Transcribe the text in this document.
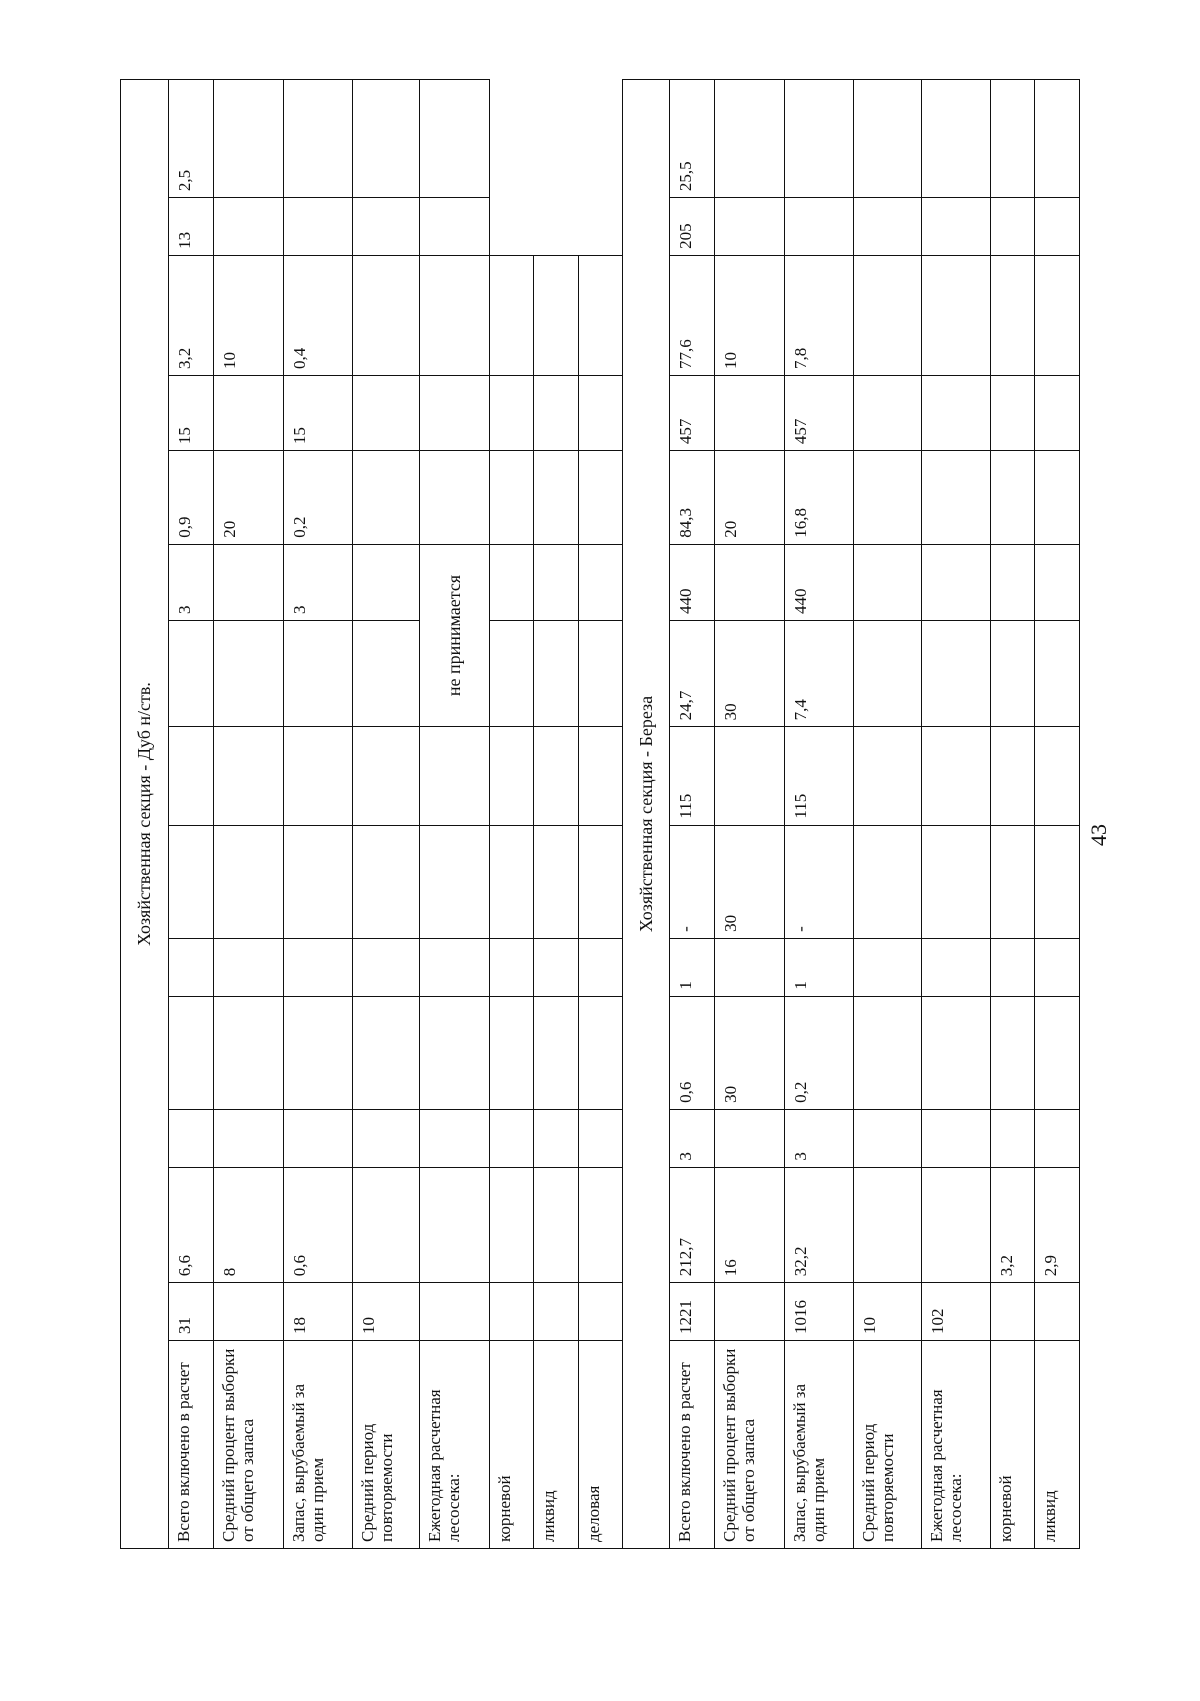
Хозяйственная секция - Дуб н/ств.														
Всего включено в расчет	31	6,6							3	0,9	15	3,2	13	2,5
Средний процент выборки от общего запаса		8								20		10		
Запас, вырубаемый за один прием	18	0,6							3	0,2	15	0,4		
Средний период повторяемости	10													
Ежегодная расчетная лесосека:								не принимается						
корневой														
ликвид														
деловая														
Хозяйственная секция - Береза														
Всего включено в расчет	1221	212,7	3	0,6	1	-	115	24,7	440	84,3	457	77,6	205	25,5
Средний процент выборки от общего запаса		16		30		30		30		20		10		
Запас, вырубаемый за один прием	1016	32,2	3	0,2	1	-	115	7,4	440	16,8	457	7,8		
Средний период повторяемости	10													
Ежегодная расчетная лесосека:	102													
корневой		3,2												
ликвид		2,9												
43
